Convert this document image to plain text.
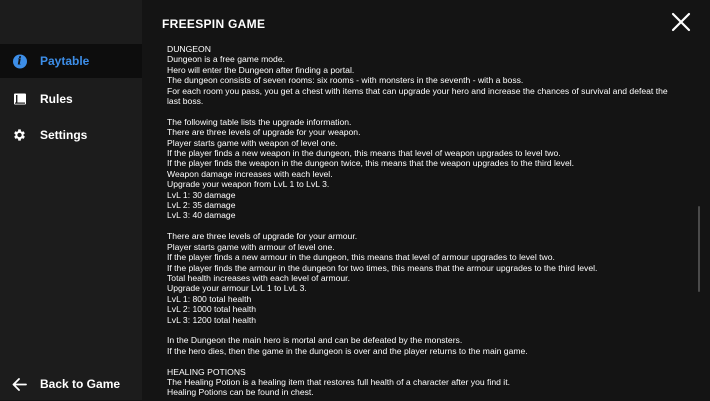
i	Paytable
Rules
Settings
Back to Game
FREESPIN GAME
DUNGEON
Dungeon is a free game mode.
Hero will enter the Dungeon after finding a portal.
The dungeon consists of seven rooms: six rooms - with monsters in the seventh - with a boss.
For each room you pass, you get a chest with items that can upgrade your hero and increase the chances of survival and defeat the last boss.
The following table lists the upgrade information.
There are three levels of upgrade for your weapon.
Player starts game with weapon of level one.
If the player finds a new weapon in the dungeon, this means that level of weapon upgrades to level two.
If the player finds the weapon in the dungeon twice, this means that the weapon upgrades to the third level.
Weapon damage increases with each level.
Upgrade your weapon from LvL 1 to LvL 3.
LvL 1: 30 damage
LvL 2: 35 damage
LvL 3: 40 damage
There are three levels of upgrade for your armour.
Player starts game with armour of level one.
If the player finds a new armour in the dungeon, this means that level of armour upgrades to level two.
If the player finds the armour in the dungeon for two times, this means that the armour upgrades to the third level.
Total health increases with each level of armour.
Upgrade your armour LvL 1 to LvL 3.
LvL 1: 800 total health
LvL 2: 1000 total health
LvL 3: 1200 total health
In the Dungeon the main hero is mortal and can be defeated by the monsters.
If the hero dies, then the game in the dungeon is over and the player returns to the main game.
HEALING POTIONS
The Healing Potion is a healing item that restores full health of a character after you find it.
Healing Potions can be found in chest.
